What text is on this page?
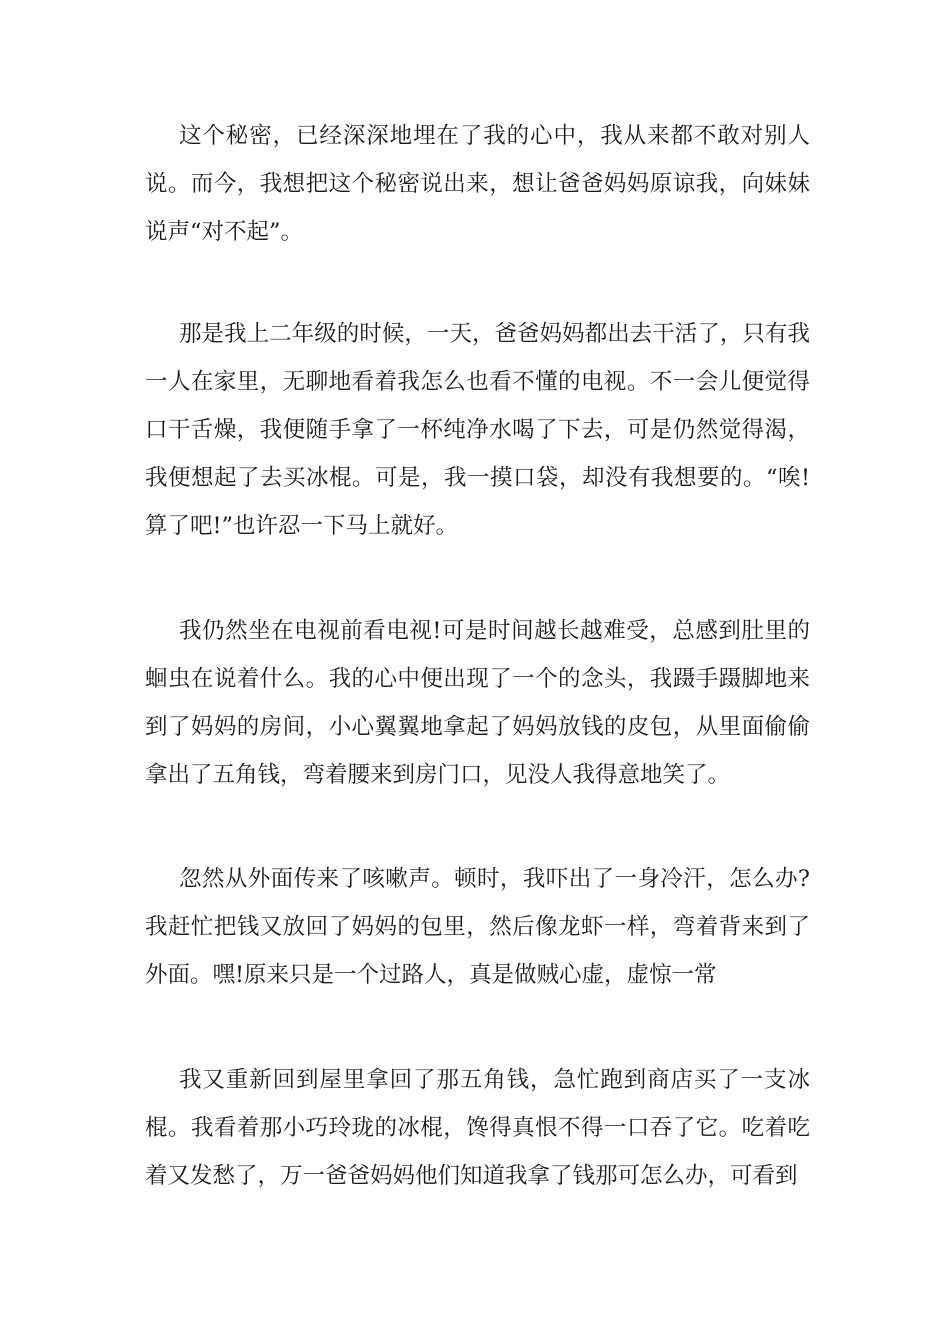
这个秘密，已经深深地埋在了我的心中，我从来都不敢对别人说。而今，我想把这个秘密说出来，想让爸爸妈妈原谅我，向妹妹说声“对不起”。

那是我上二年级的时候，一天，爸爸妈妈都出去干活了，只有我一人在家里，无聊地看着我怎么也看不懂的电视。不一会儿便觉得口干舌燥，我便随手拿了一杯纯净水喝了下去，可是仍然觉得渴，我便想起了去买冰棍。可是，我一摸口袋，却没有我想要的。“唉!算了吧!”也许忍一下马上就好。

我仍然坐在电视前看电视!可是时间越长越难受，总感到肚里的蛔虫在说着什么。我的心中便出现了一个的念头，我蹑手蹑脚地来到了妈妈的房间，小心翼翼地拿起了妈妈放钱的皮包，从里面偷偷拿出了五角钱，弯着腰来到房门口，见没人我得意地笑了。

忽然从外面传来了咳嗽声。顿时，我吓出了一身冷汗，怎么办?我赶忙把钱又放回了妈妈的包里，然后像龙虾一样，弯着背来到了外面。嘿!原来只是一个过路人，真是做贼心虚，虚惊一常

我又重新回到屋里拿回了那五角钱，急忙跑到商店买了一支冰棍。我看着那小巧玲珑的冰棍，馋得真恨不得一口吞了它。吃着吃着又发愁了，万一爸爸妈妈他们知道我拿了钱那可怎么办，可看到
